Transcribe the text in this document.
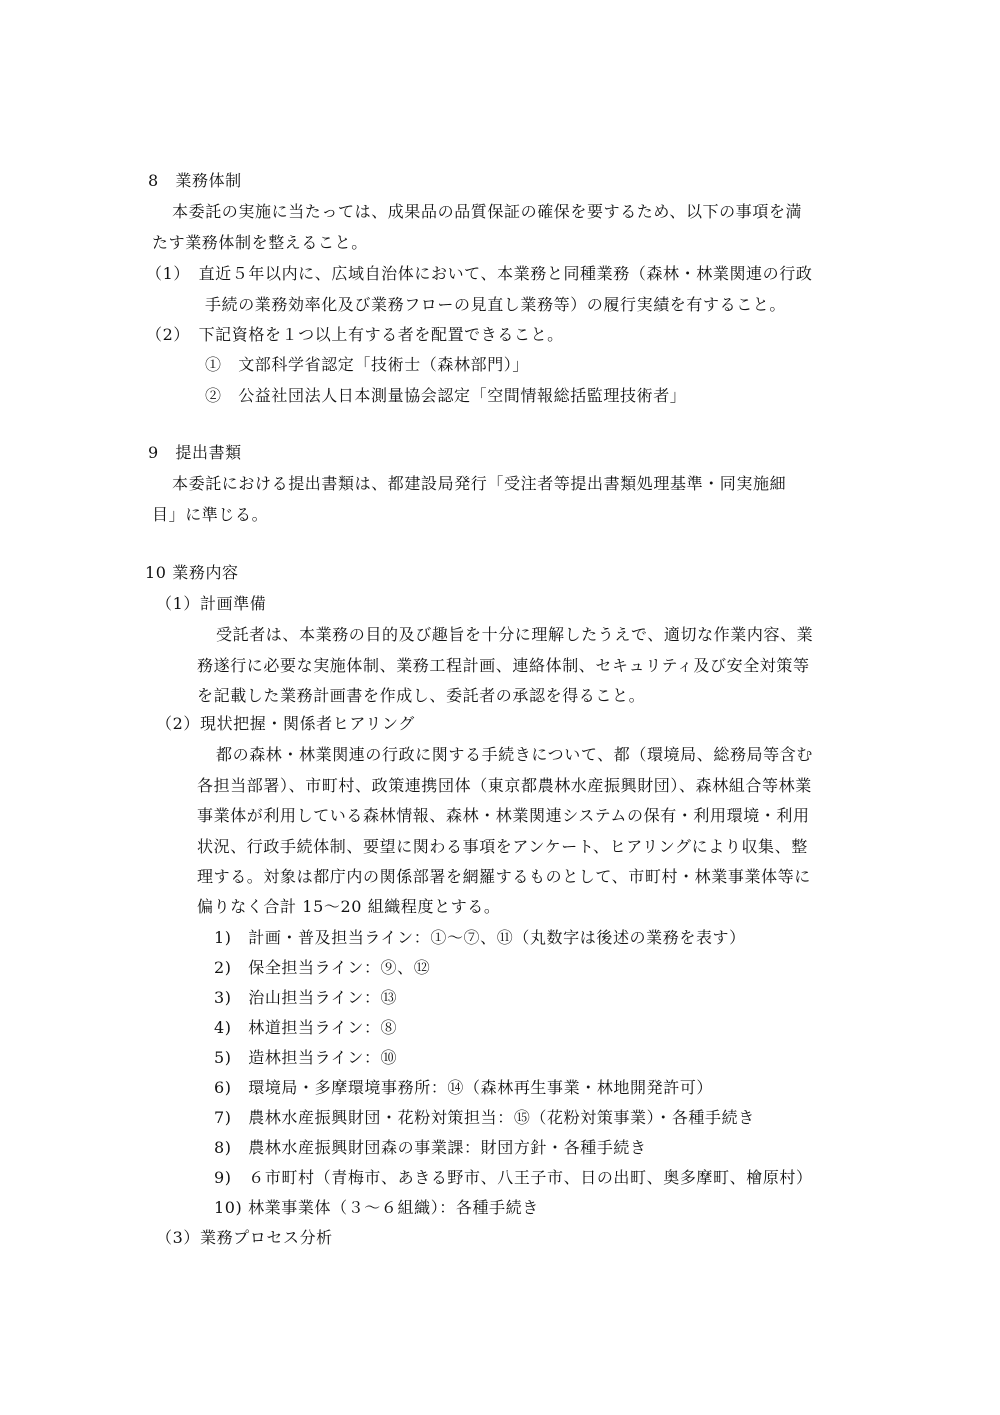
8　業務体制
本委託の実施に当たっては、成果品の品質保証の確保を要するため、以下の事項を満
たす業務体制を整えること。
（1）　直近５年以内に、広域自治体において、本業務と同種業務（森林・林業関連の行政
手続の業務効率化及び業務フローの見直し業務等）の履行実績を有すること。
（2）　下記資格を１つ以上有する者を配置できること。
①　文部科学省認定「技術士（森林部門）」
②　公益社団法人日本測量協会認定「空間情報総括監理技術者」
9　提出書類
本委託における提出書類は、都建設局発行「受注者等提出書類処理基準・同実施細
目」に準じる。
10 業務内容
（1）計画準備
受託者は、本業務の目的及び趣旨を十分に理解したうえで、適切な作業内容、業
務遂行に必要な実施体制、業務工程計画、連絡体制、セキュリティ及び安全対策等
を記載した業務計画書を作成し、委託者の承認を得ること。
（2）現状把握・関係者ヒアリング
都の森林・林業関連の行政に関する手続きについて、都（環境局、総務局等含む
各担当部署）、市町村、政策連携団体（東京都農林水産振興財団）、森林組合等林業
事業体が利用している森林情報、森林・林業関連システムの保有・利用環境・利用
状況、行政手続体制、要望に関わる事項をアンケート、ヒアリングにより収集、整
理する。対象は都庁内の関係部署を網羅するものとして、市町村・林業事業体等に
偏りなく合計 15〜20 組織程度とする。
1)　計画・普及担当ライン：①〜⑦、⑪（丸数字は後述の業務を表す）
2)　保全担当ライン：⑨、⑫
3)　治山担当ライン：⑬
4)　林道担当ライン：⑧
5)　造林担当ライン：⑩
6)　環境局・多摩環境事務所：⑭（森林再生事業・林地開発許可）
7)　農林水産振興財団・花粉対策担当：⑮（花粉対策事業）・各種手続き
8)　農林水産振興財団森の事業課：財団方針・各種手続き
9)　６市町村（青梅市、あきる野市、八王子市、日の出町、奥多摩町、檜原村）
10) 林業事業体（３〜６組織）：各種手続き
（3）業務プロセス分析
